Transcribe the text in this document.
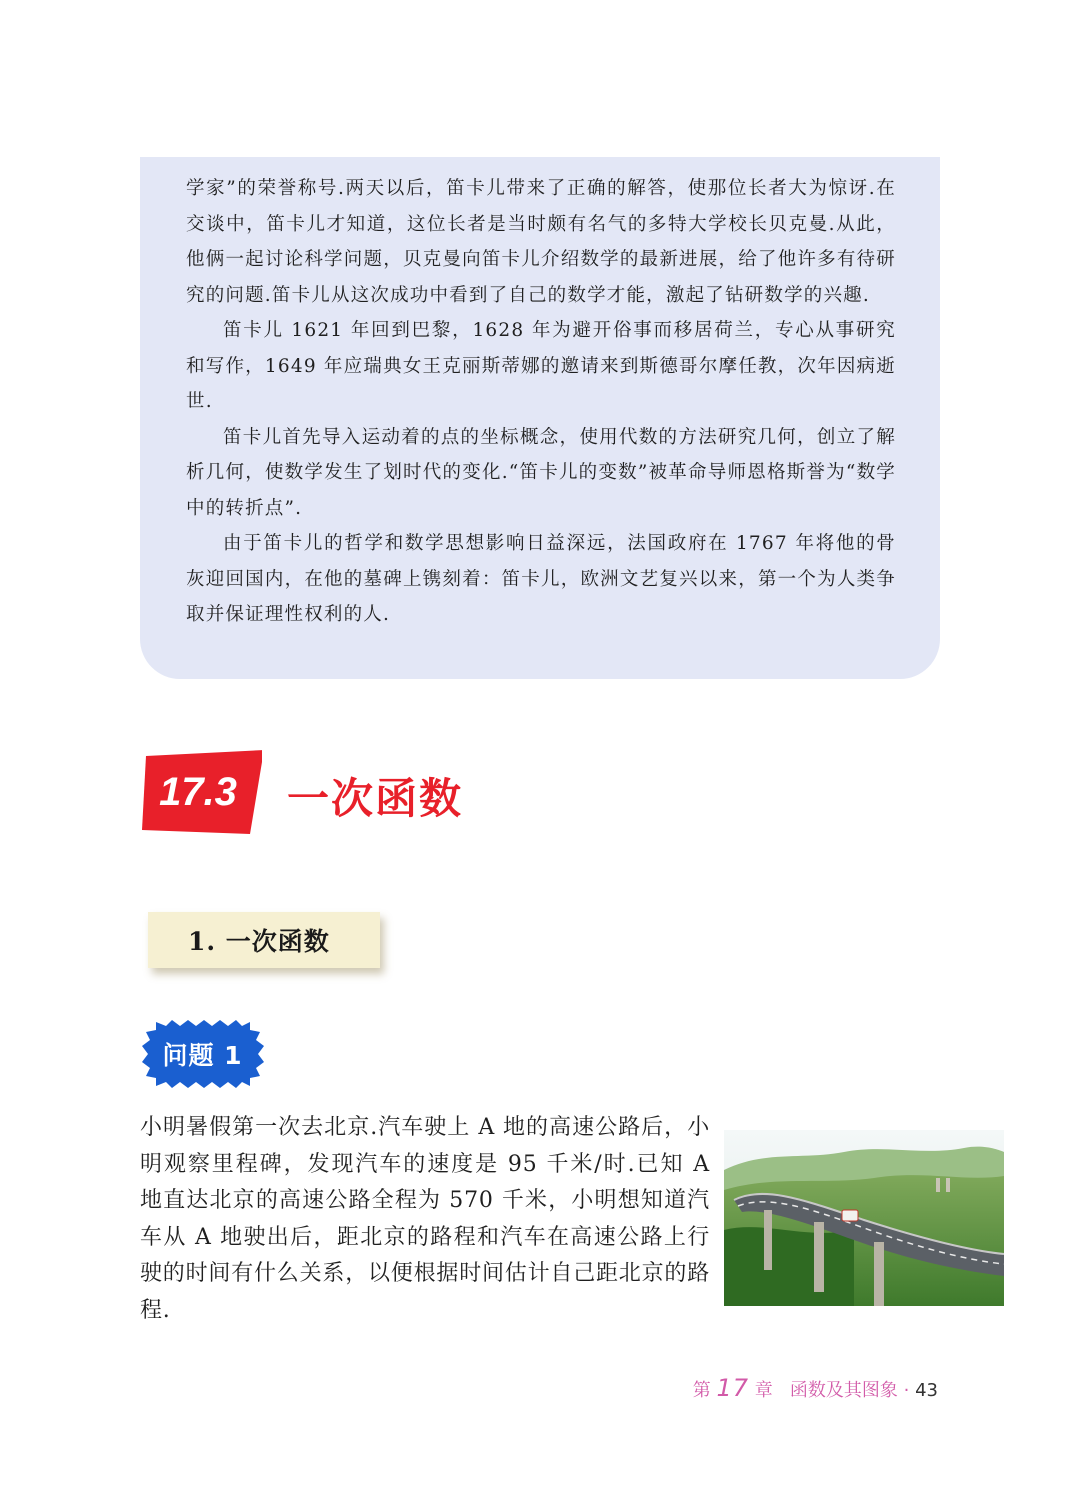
学家”的荣誉称号.两天以后，笛卡儿带来了正确的解答，使那位长者大为惊讶.在交谈中，笛卡儿才知道，这位长者是当时颇有名气的多特大学校长贝克曼.从此，他俩一起讨论科学问题，贝克曼向笛卡儿介绍数学的最新进展，给了他许多有待研究的问题.笛卡儿从这次成功中看到了自己的数学才能，激起了钻研数学的兴趣.

笛卡儿 1621 年回到巴黎，1628 年为避开俗事而移居荷兰，专心从事研究和写作，1649 年应瑞典女王克丽斯蒂娜的邀请来到斯德哥尔摩任教，次年因病逝世.

笛卡儿首先导入运动着的点的坐标概念，使用代数的方法研究几何，创立了解析几何，使数学发生了划时代的变化.“笛卡儿的变数”被革命导师恩格斯誉为“数学中的转折点”.

由于笛卡儿的哲学和数学思想影响日益深远，法国政府在 1767 年将他的骨灰迎回国内，在他的墓碑上镌刻着：笛卡儿，欧洲文艺复兴以来，第一个为人类争取并保证理性权利的人.

17.3	一次函数
1. 一次函数
问题 1

小明暑假第一次去北京.汽车驶上 A 地的高速公路后，小明观察里程碑，发现汽车的速度是 95 千米/时.已知 A 地直达北京的高速公路全程为 570 千米，小明想知道汽车从 A 地驶出后，距北京的路程和汽车在高速公路上行驶的时间有什么关系，以便根据时间估计自己距北京的路程.

第 17 章 函数及其图象 · 43
